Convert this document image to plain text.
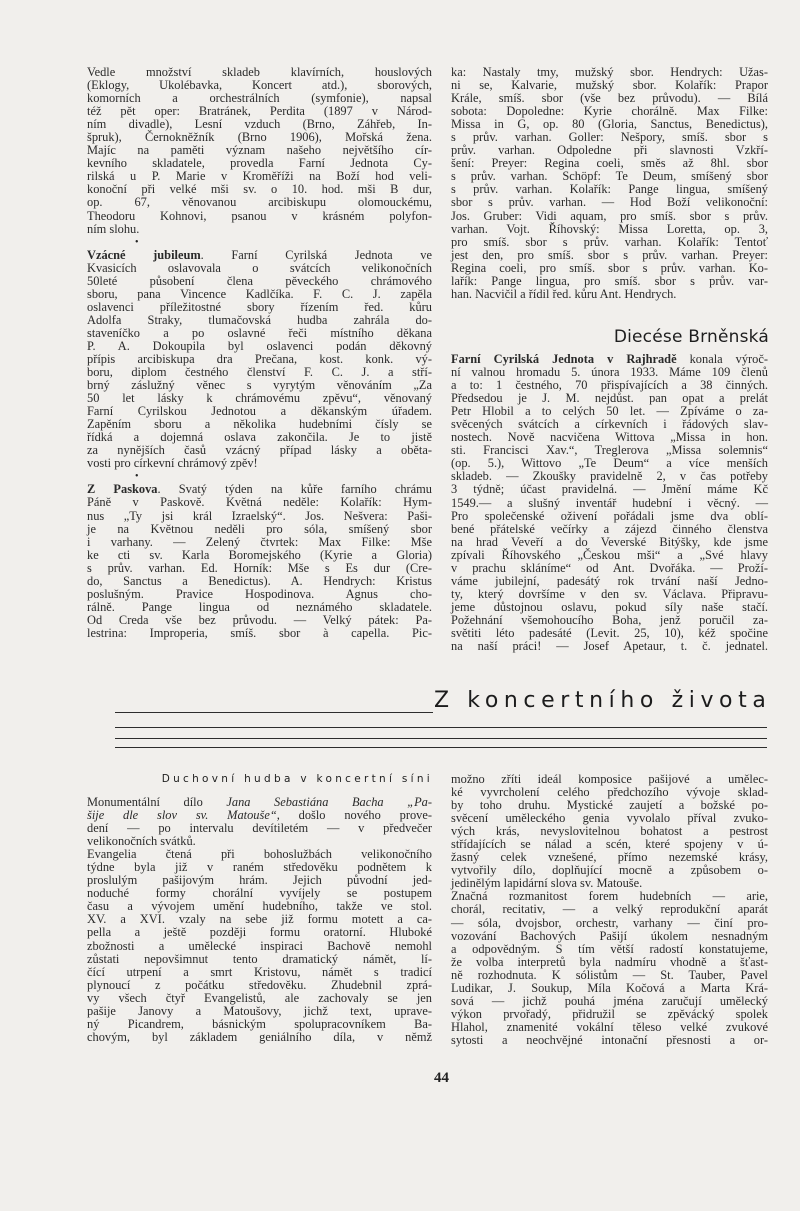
Vedle množství skladeb klavírních, houslových
(Eklogy, Ukolébavka, Koncert atd.), sborových,
komorních a orchestrálních (symfonie), napsal
též pět oper: Bratránek, Perdita (1897 v Národ-
ním divadle), Lesní vzduch (Brno, Záhřeb, In-
špruk), Černokněžník (Brno 1906), Mořská žena.
Majíc na paměti význam našeho největšího cír-
kevního skladatele, provedla Farní Jednota Cy-
rilská u P. Marie v Kroměříži na Boží hod veli-
konoční při velké mši sv. o 10. hod. mši B dur,
op. 67, věnovanou arcibiskupu olomouckému,
Theodoru Kohnovi, psanou v krásném polyfon-
ním slohu.

•

Vzácné jubileum. Farní Cyrilská Jednota ve
Kvasicích oslavovala o svátcích velikonočních
50leté působení člena pěveckého chrámového
sboru, pana Vincence Kadlčíka. F. C. J. zapěla
oslavenci příležitostné sbory řízením řed. kůru
Adolfa Straky, tlumačovská hudba zahrála do-
staveníčko a po oslavné řeči místního děkana
P. A. Dokoupila byl oslavenci podán děkovný
přípis arcibiskupa dra Prečana, kost. konk. vý-
boru, diplom čestného členství F. C. J. a stří-
brný záslužný věnec s vyrytým věnováním „Za
50 let lásky k chrámovému zpěvu“, věnovaný
Farní Cyrilskou Jednotou a děkanským úřadem.
Zapěním sboru a několika hudebními čísly se
řídká a dojemná oslava zakončila. Je to jistě
za nynějších časů vzácný případ lásky a oběta-
vosti pro církevní chrámový zpěv!

•

Z Paskova. Svatý týden na kůře farního chrámu
Páně v Paskově. Květná neděle: Kolařík: Hym-
nus „Ty jsi král Izraelský“. Jos. Nešvera: Paši-
je na Květnou neděli pro sóla, smíšený sbor
i varhany. — Zelený čtvrtek: Max Filke: Mše
ke cti sv. Karla Boromejského (Kyrie a Gloria)
s prův. varhan. Ed. Horník: Mše s Es dur (Cre-
do, Sanctus a Benedictus). A. Hendrych: Kristus
poslušným. Pravice Hospodinova. Agnus cho-
rálně. Pange lingua od neznámého skladatele.
Od Creda vše bez průvodu. — Velký pátek: Pa-
lestrina: Improperia, smíš. sbor à capella. Pic-

ka: Nastaly tmy, mužský sbor. Hendrych: Užas-
ni se, Kalvarie, mužský sbor. Kolařík: Prapor
Krále, smíš. sbor (vše bez průvodu). — Bílá
sobota: Dopoledne: Kyrie chorálně. Max Filke:
Missa in G, op. 80 (Gloria, Sanctus, Benedictus),
s prův. varhan. Goller: Nešpory, smíš. sbor s
prův. varhan. Odpoledne při slavnosti Vzkří-
šení: Preyer: Regina coeli, směs až 8hl. sbor
s prův. varhan. Schöpf: Te Deum, smíšený sbor
s prův. varhan. Kolařík: Pange lingua, smíšený
sbor s prův. varhan. — Hod Boží velikonoční:
Jos. Gruber: Vidi aquam, pro smíš. sbor s prův.
varhan. Vojt. Říhovský: Missa Loretta, op. 3,
pro smíš. sbor s prův. varhan. Kolařík: Tentoť
jest den, pro smíš. sbor s prův. varhan. Preyer:
Regina coeli, pro smíš. sbor s prův. varhan. Ko-
lařík: Pange lingua, pro smíš. sbor s prův. var-
han. Nacvičil a řídil řed. kůru Ant. Hendrych.

Diecése Brněnská

Farní Cyrilská Jednota v Rajhradě konala výroč-
ní valnou hromadu 5. února 1933. Máme 109 členů
a to: 1 čestného, 70 přispívajících a 38 činných.
Předsedou je J. M. nejdůst. pan opat a prelát
Petr Hlobil a to celých 50 let. — Zpíváme o za-
svěcených svátcích a církevních i řádových slav-
nostech. Nově nacvičena Wittova „Missa in hon.
sti. Francisci Xav.“, Treglerova „Missa solemnis“
(op. 5.), Wittovo „Te Deum“ a více menších
skladeb. — Zkoušky pravidelně 2, v čas potřeby
3 týdně; účast pravidelná. — Jmění máme Kč
1549.— a slušný inventář hudební i věcný. —
Pro společenské oživení pořádali jsme dva oblí-
bené přátelské večírky a zájezd činného členstva
na hrad Veveří a do Veverské Bitýšky, kde jsme
zpívali Říhovského „Českou mši“ a „Své hlavy
v prachu skláníme“ od Ant. Dvořáka. — Proží-
váme jubilejní, padesátý rok trvání naší Jedno-
ty, který dovršíme v den sv. Václava. Připravu-
jeme důstojnou oslavu, pokud síly naše stačí.
Požehnání všemohoucího Boha, jenž poručil za-
světiti léto padesáté (Levit. 25, 10), kéž spočine
na naší práci! — Josef Apetaur, t. č. jednatel.

Z koncertního života
Duchovní hudba v koncertní síni

Monumentální dílo Jana Sebastiána Bacha „Pa-
šije dle slov sv. Matouše“, došlo nového prove-
dení — po intervalu devítiletém — v předvečer
velikonočních svátků.

Evangelia čtená při bohoslužbách velikonočního
týdne byla již v raném středověku podnětem k
proslulým pašijovým hrám. Jejich původní jed-
noduché formy chorální vyvíjely se postupem
času a vývojem umění hudebního, takže ve stol.
XV. a XVI. vzaly na sebe již formu motett a ca-
pella a ještě později formu oratorní. Hluboké
zbožnosti a umělecké inspiraci Bachově nemohl
zůstati nepovšimnut tento dramatický námět, lí-
čící utrpení a smrt Kristovu, námět s tradicí
plynoucí z počátku středověku. Zhudebnil zprá-
vy všech čtyř Evangelistů, ale zachovaly se jen
pašije Janovy a Matoušovy, jichž text, uprave-
ný Picandrem, básnickým spolupracovníkem Ba-
chovým, byl základem geniálního díla, v němž

možno zříti ideál komposice pašijové a umělec-
ké vyvrcholení celého předchozího vývoje sklad-
by toho druhu. Mystické zaujetí a božské po-
svěcení uměleckého genia vyvolalo příval zvuko-
vých krás, nevyslovitelnou bohatost a pestrost
střídajících se nálad a scén, které spojeny v ú-
žasný celek vznešené, přímo nezemské krásy,
vytvořily dílo, doplňující mocně a způsobem o-
jedinělým lapidární slova sv. Matouše.

Značná rozmanitost forem hudebních — arie,
chorál, recitativ, — a velký reprodukční aparát
— sóla, dvojsbor, orchestr, varhany — činí pro-
vozování Bachových Pašijí úkolem nesnadným
a odpovědným. S tím větší radostí konstatujeme,
že volba interpretů byla nadmíru vhodně a šťast-
ně rozhodnuta. K sólistům — St. Tauber, Pavel
Ludikar, J. Soukup, Míla Kočová a Marta Krá-
sová — jichž pouhá jména zaručují umělecký
výkon prvořadý, přidružil se zpěvácký spolek
Hlahol, znamenité vokální těleso velké zvukové
sytosti a neochvějné intonační přesnosti a or-

44
